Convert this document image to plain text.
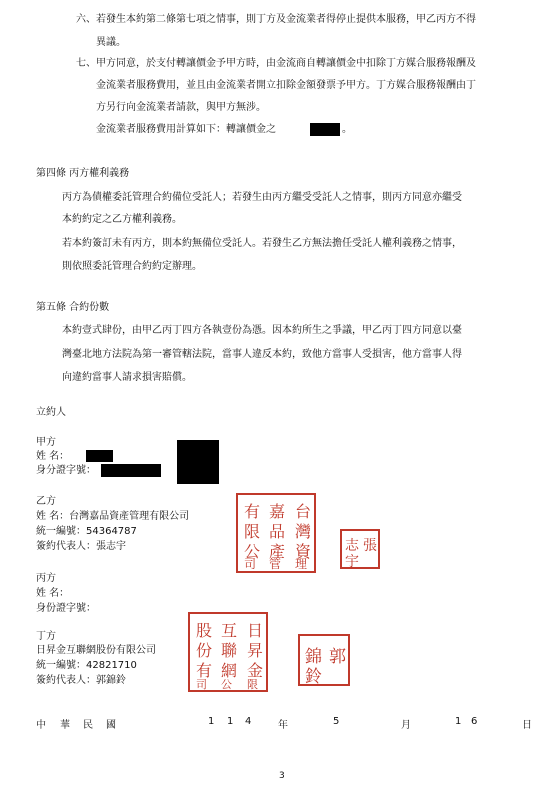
六、若發生本約第二條第七項之情事，則丁方及金流業者得停止提供本服務，甲乙丙方不得
異議。
七、甲方同意，於支付轉讓價金予甲方時，由金流商自轉讓價金中扣除丁方媒合服務報酬及
金流業者服務費用，並且由金流業者開立扣除金額發票予甲方。丁方媒合服務報酬由丁
方另行向金流業者請款，與甲方無涉。
金流業者服務費用計算如下：轉讓價金之	。
第四條 丙方權利義務
丙方為債權委託管理合約備位受託人；若發生由丙方繼受受託人之情事，則丙方同意亦繼受
本約約定之乙方權利義務。
若本約簽訂未有丙方，則本約無備位受託人。若發生乙方無法擔任受託人權利義務之情事，
則依照委託管理合約約定辦理。
第五條 合約份數
本約壹式肆份，由甲乙丙丁四方各執壹份為憑。因本約所生之爭議，甲乙丙丁四方同意以臺
灣臺北地方法院為第一審管轄法院，當事人違反本約，致他方當事人受損害，他方當事人得
向違約當事人請求損害賠償。
立約人
甲方
姓 名：
身分證字號：
乙方
姓 名：台灣嘉品資產管理有限公司
統一編號：54364787
簽約代表人：張志宇
台
灣
嘉
品
資
產
管 理
有
限
公
司
張
志
宇
丙方
姓 名：
身份證字號：
丁方
日昇金互聯網股份有限公司
統一編號：42821710
簽約代表人：郭錦鈴
日
昇
金
互
聯
網
股
份
有
限
公
司
郭
錦
鈴
中 華 民 國	1 1 4	年	5	月	1 6	日
3
